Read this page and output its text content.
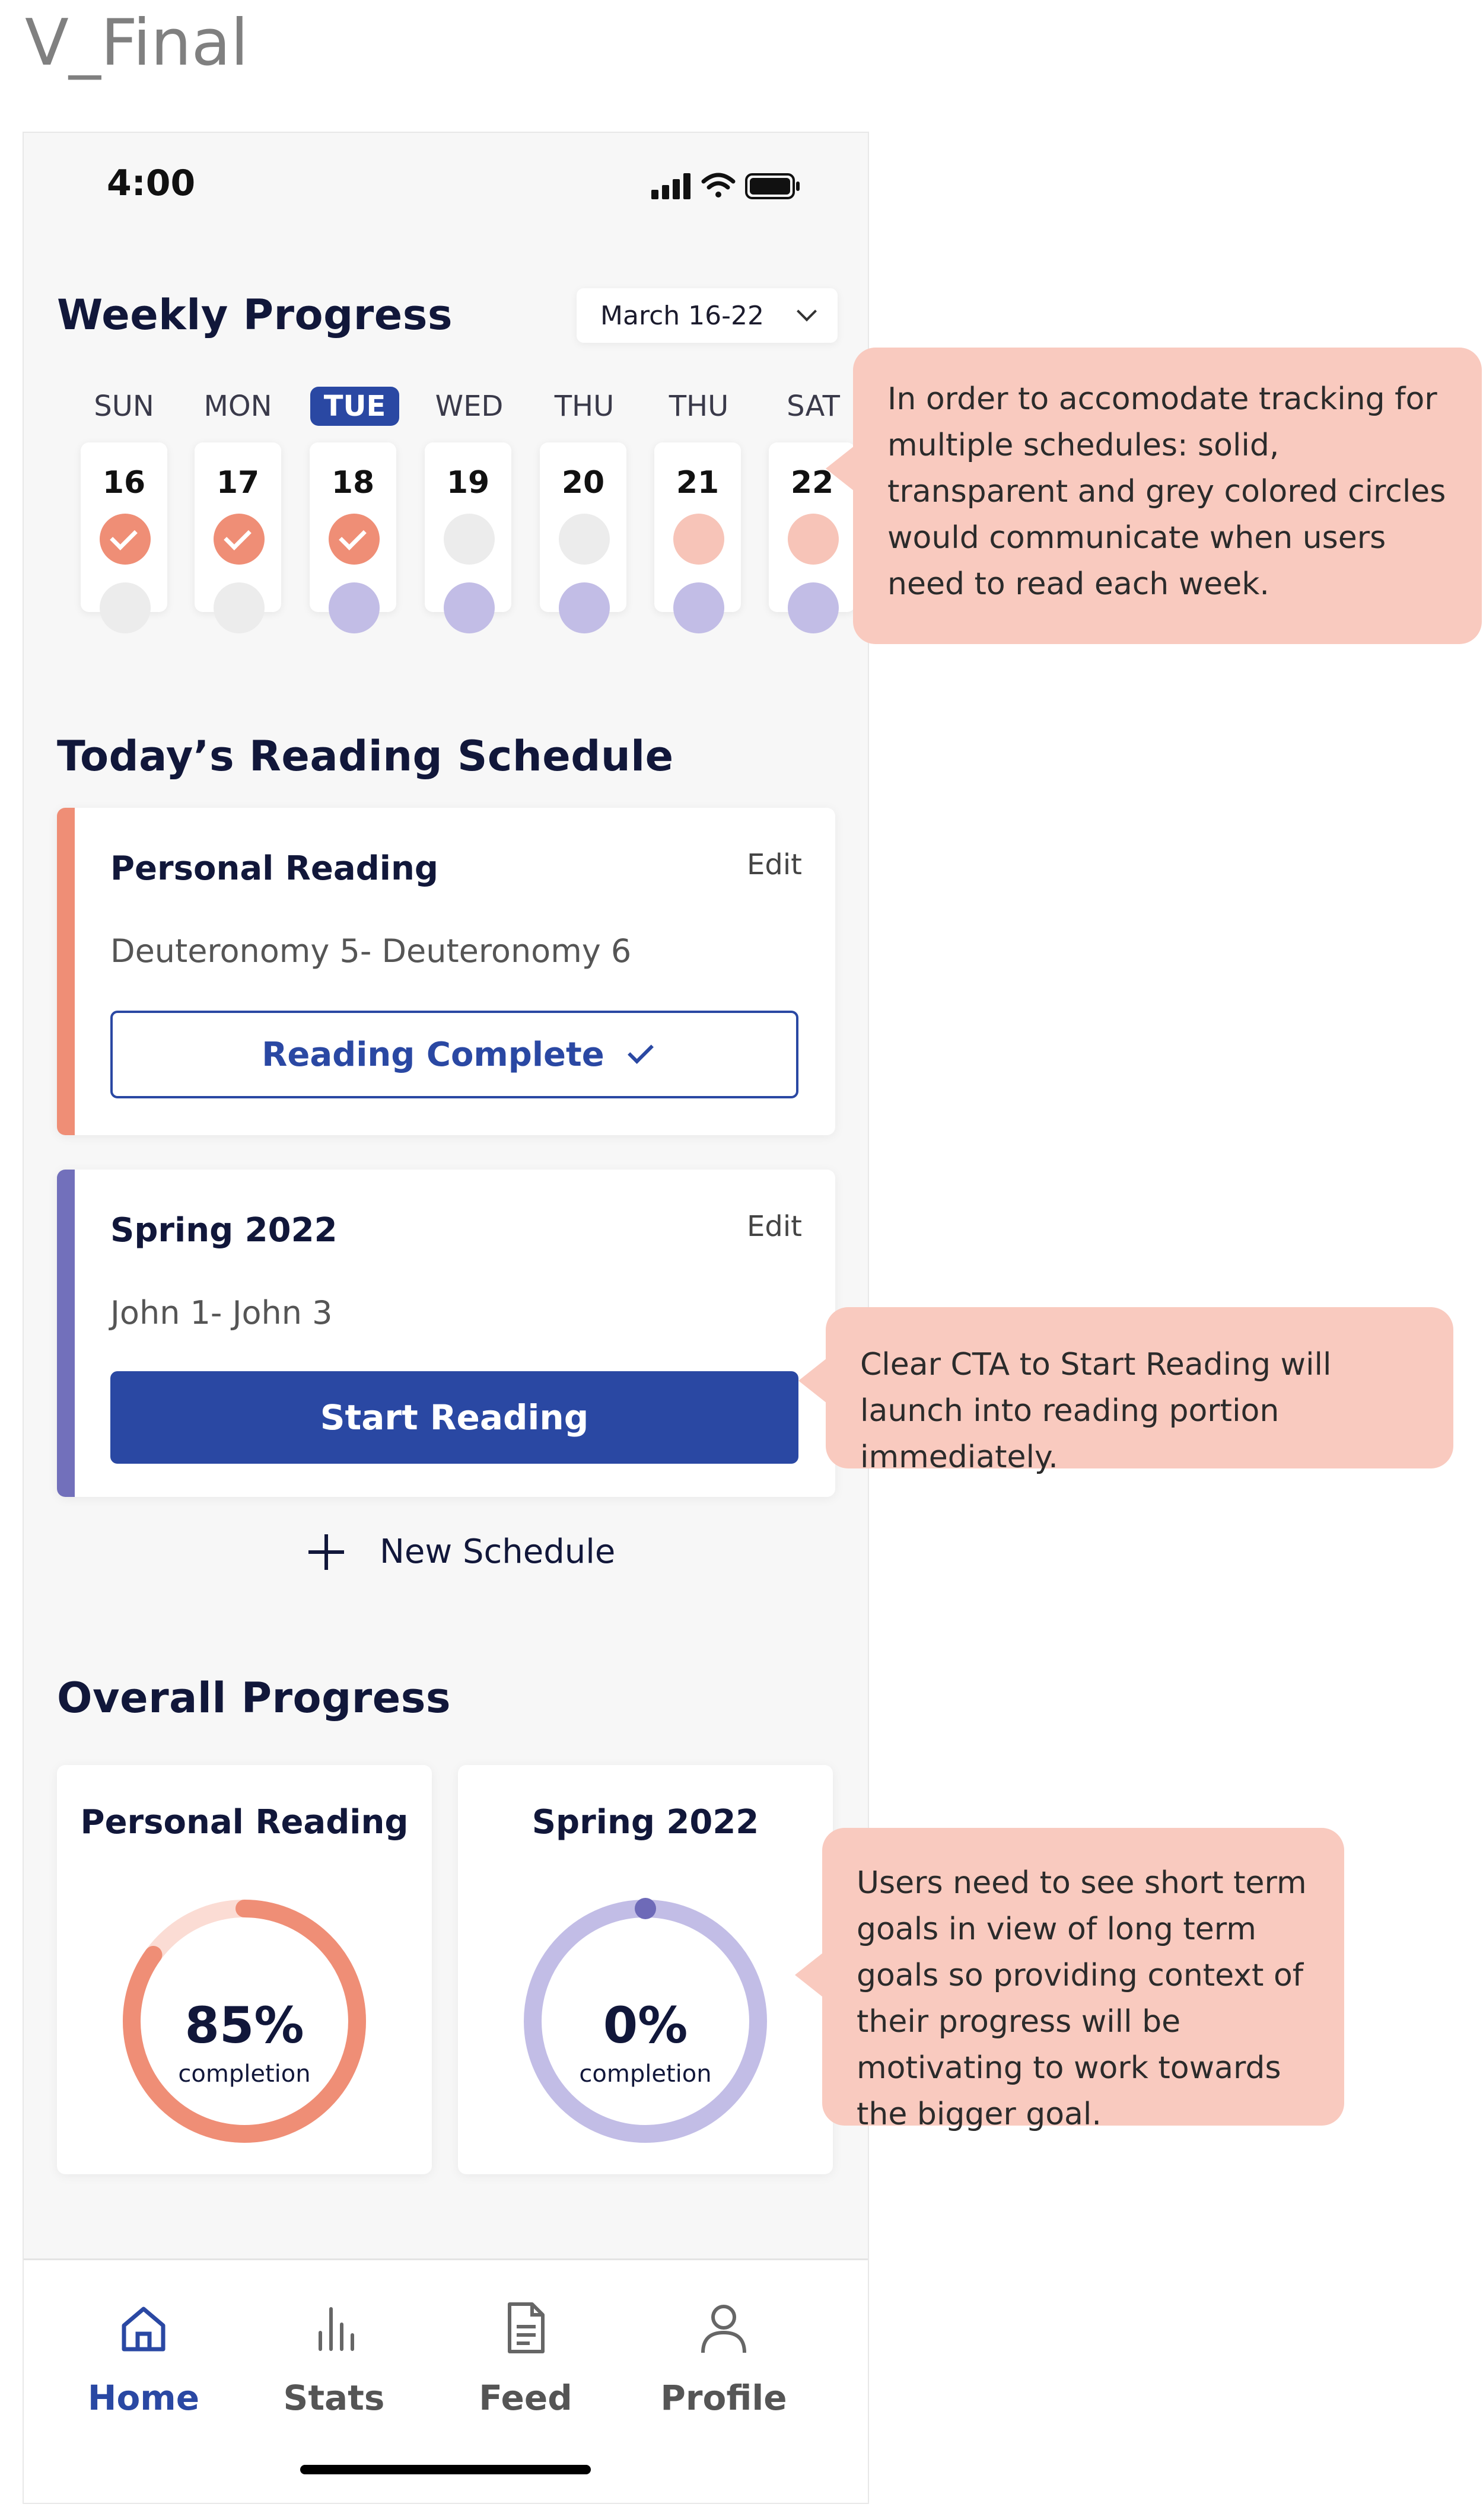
V_Final
4:00
Weekly Progress	March 16-22
SUN	MON	TUE	WED	THU	THU	SAT
16	17	18	19	20	21	22
Today’s Reading Schedule
Personal Reading	Edit
Deuteronomy 5- Deuteronomy 6
Reading Complete
Spring 2022	Edit
John 1- John 3
Start Reading
New Schedule
Overall Progress
Personal Reading
85%
completion
Spring 2022
0%
completion
Home	Stats	Feed	Profile
In order to accomodate tracking for multiple schedules: solid, transparent and grey colored circles would communicate when users need to read each week.
Clear CTA to Start Reading will launch into reading portion immediately.
Users need to see short term goals in view of long term goals so providing context of their progress will be motivating to work towards the bigger goal.
